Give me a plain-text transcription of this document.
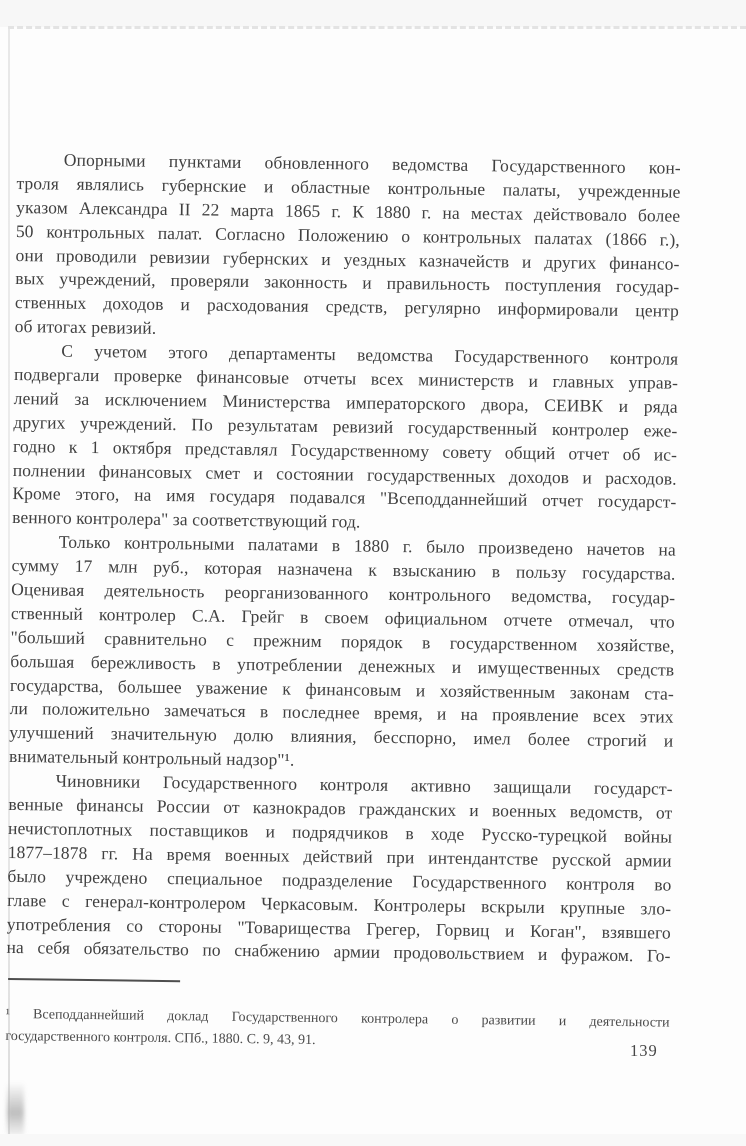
Опорными пунктами обновленного ведомства Государственного кон-
троля являлись губернские и областные контрольные палаты, учрежденные
указом Александра II 22 марта 1865 г. К 1880 г. на местах действовало более
50 контрольных палат. Согласно Положению о контрольных палатах (1866 г.),
они проводили ревизии губернских и уездных казначейств и других финансо-
вых учреждений, проверяли законность и правильность поступления государ-
ственных доходов и расходования средств, регулярно информировали центр
об итогах ревизий.
С учетом этого департаменты ведомства Государственного контроля
подвергали проверке финансовые отчеты всех министерств и главных управ-
лений за исключением Министерства императорского двора, СЕИВК и ряда
других учреждений. По результатам ревизий государственный контролер еже-
годно к 1 октября представлял Государственному совету общий отчет об ис-
полнении финансовых смет и состоянии государственных доходов и расходов.
Кроме этого, на имя государя подавался "Всеподданнейший отчет государст-
венного контролера" за соответствующий год.
Только контрольными палатами в 1880 г. было произведено начетов на
сумму 17 млн руб., которая назначена к взысканию в пользу государства.
Оценивая деятельность реорганизованного контрольного ведомства, государ-
ственный контролер С.А. Грейг в своем официальном отчете отмечал, что
"больший сравнительно с прежним порядок в государственном хозяйстве,
большая бережливость в употреблении денежных и имущественных средств
государства, большее уважение к финансовым и хозяйственным законам ста-
ли положительно замечаться в последнее время, и на проявление всех этих
улучшений значительную долю влияния, бесспорно, имел более строгий и
внимательный контрольный надзор"¹.
Чиновники Государственного контроля активно защищали государст-
венные финансы России от казнокрадов гражданских и военных ведомств, от
нечистоплотных поставщиков и подрядчиков в ходе Русско-турецкой войны
1877–1878 гг. На время военных действий при интендантстве русской армии
было учреждено специальное подразделение Государственного контроля во
главе с генерал-контролером Черкасовым. Контролеры вскрыли крупные зло-
употребления со стороны "Товарищества Грегер, Горвиц и Коган", взявшего
на себя обязательство по снабжению армии продовольствием и фуражом. Го-
¹ Всеподданнейший доклад Государственного контролера о развитии и деятельности
государственного контроля. СПб., 1880. С. 9, 43, 91.
139
